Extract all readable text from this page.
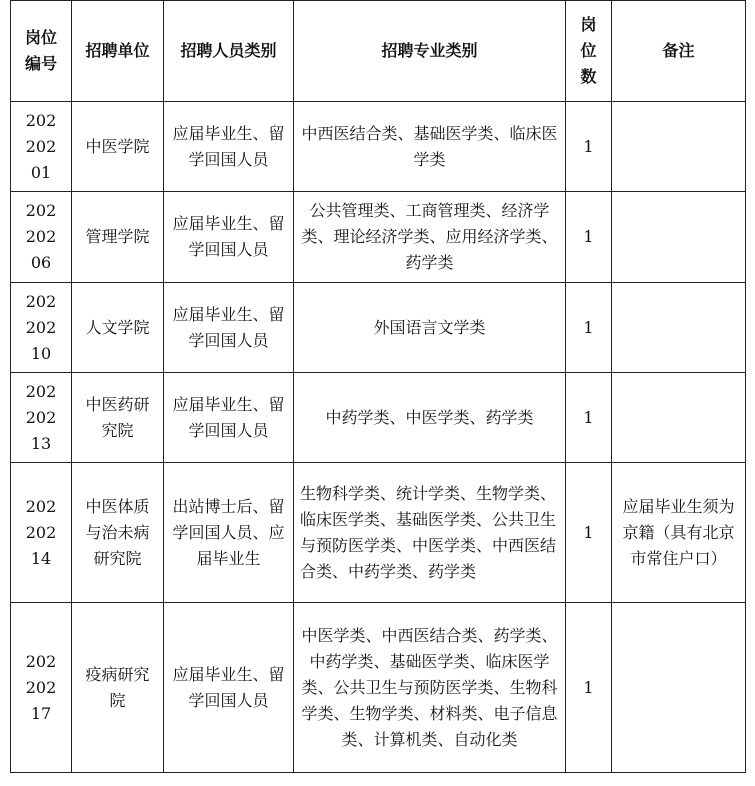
岗位编号	招聘单位	招聘人员类别	招聘专业类别	岗位数	备注
20220201	中医学院	应届毕业生、留学回国人员	中西医结合类、基础医学类、临床医学类	1	
20220206	管理学院	应届毕业生、留学回国人员	公共管理类、工商管理类、经济学类、理论经济学类、应用经济学类、药学类	1	
20220210	人文学院	应届毕业生、留学回国人员	外国语言文学类	1	
20220213	中医药研究院	应届毕业生、留学回国人员	中药学类、中医学类、药学类	1	
20220214	中医体质与治未病研究院	出站博士后、留学回国人员、应届毕业生	生物科学类、统计学类、生物学类、临床医学类、基础医学类、公共卫生与预防医学类、中医学类、中西医结合类、中药学类、药学类	1	应届毕业生须为京籍（具有北京市常住户口）
20220217	疫病研究院	应届毕业生、留学回国人员	中医学类、中西医结合类、药学类、中药学类、基础医学类、临床医学类、公共卫生与预防医学类、生物科学类、生物学类、材料类、电子信息类、计算机类、自动化类	1	
